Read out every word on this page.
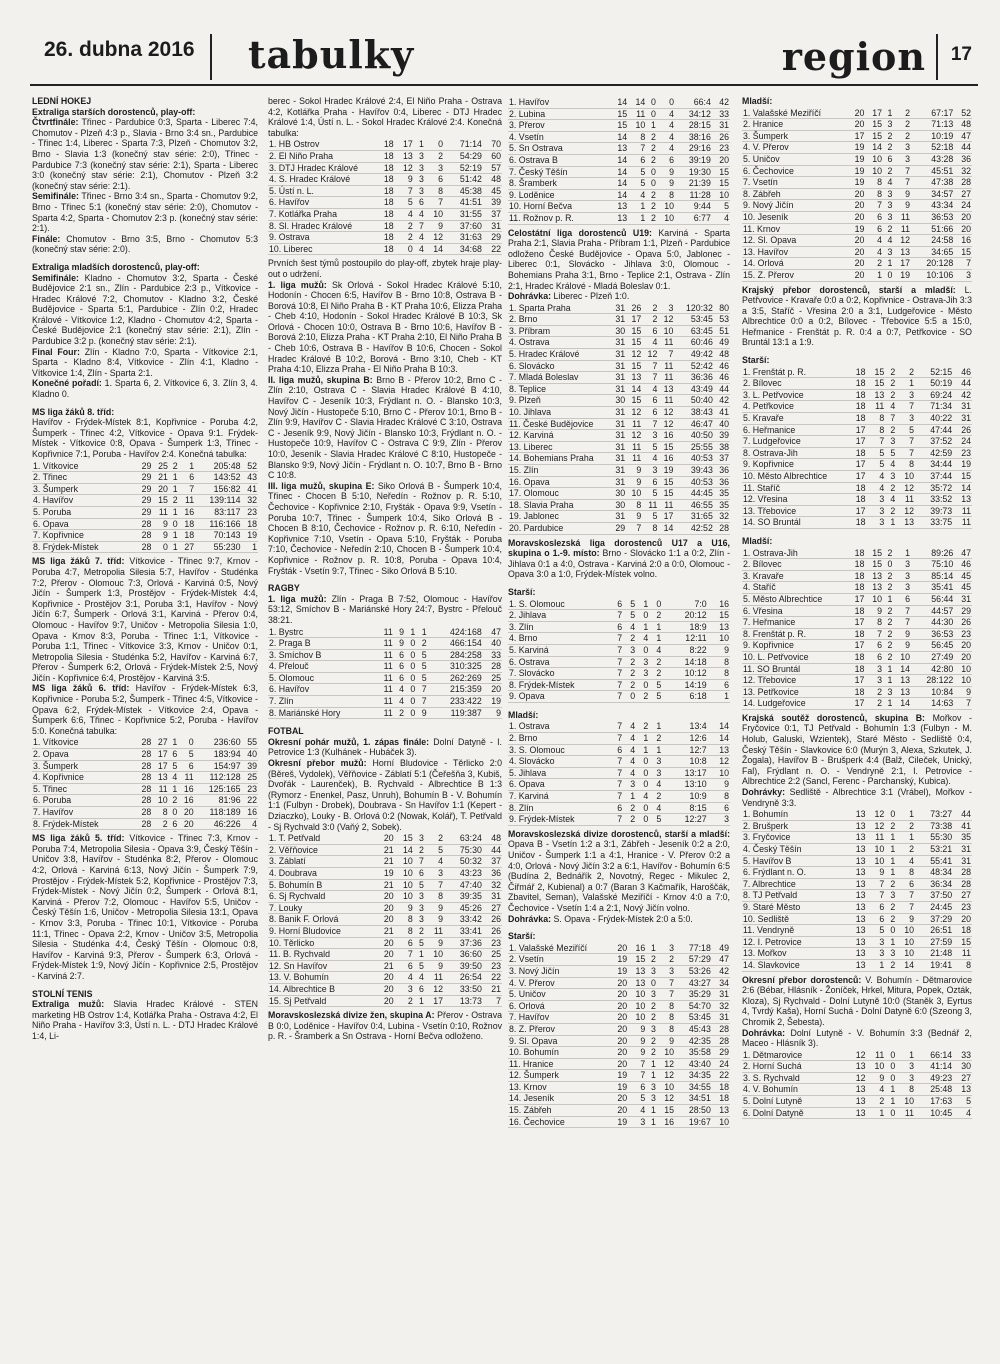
26. dubna 2016 tabulky	region 17
LEDNÍ HOKEJ
Extraliga starších dorostenců, play-off:
Čtvrtfinále: Třinec - Pardubice 0:3, Sparta - Liberec 7:4, Chomutov - Plzeň 4:3 p., Slavia - Brno 3:4 sn., Pardubice - Třinec 1:4, Liberec - Sparta 7:3, Plzeň - Chomutov 3:2, Brno - Slavia 1:3 (konečný stav série: 2:0), Třinec - Pardubice 7:3 (konečný stav série: 2:1), Sparta - Liberec 3:0 (konečný stav série: 2:1), Chomutov - Plzeň 3:2 (konečný stav série: 2:1).
Semifinále: Třinec - Brno 3:4 sn., Sparta - Chomutov 9:2, Brno - Třinec 5:1 (konečný stav série: 2:0), Chomutov - Sparta 4:2, Sparta - Chomutov 2:3 p. (konečný stav série: 2:1).
Finále: Chomutov - Brno 3:5, Brno - Chomutov 5:3 (konečný stav série: 2:0).
Extraliga mladších dorostenců, play-off:
Semifinále: Kladno - Chomutov 3:2, Sparta - České Budějovice 2:1 sn., Zlín - Pardubice 2:3 p., Vítkovice - Hradec Králové 7:2, Chomutov - Kladno 3:2, České Budějovice - Sparta 5:1, Pardubice - Zlín 0:2, Hradec Králové - Vítkovice 1:2, Kladno - Chomutov 4:2, Sparta - České Budějovice 2:1 (konečný stav série: 2:1), Zlín - Pardubice 3:2 p. (konečný stav série: 2:1).
Final Four: Zlín - Kladno 7:0, Sparta - Vítkovice 2:1, Sparta - Kladno 8:4, Vítkovice - Zlín 4:1, Kladno - Vítkovice 1:4, Zlín - Sparta 2:1.
Konečné pořadí: 1. Sparta 6, 2. Vítkovice 6, 3. Zlín 3, 4. Kladno 0.
MS liga žáků 8. tříd:
Havířov - Frýdek-Místek 8:1, Kopřivnice - Poruba 4:2, Šumperk - Třinec 4:2, Vítkovice - Opava 9:1. Frýdek-Místek - Vítkovice 0:8, Opava - Šumperk 1:3, Třinec - Kopřivnice 7:1, Poruba - Havířov 2:4. Konečná tabulka:
1. Vítkovice	29	25	2	1	205:48	52
2. Třinec	29	21	1	6	143:52	43
3. Šumperk	29	20	1	7	156:82	41
4. Havířov	29	15	2	11	139:114	32
5. Poruba	29	11	1	16	83:117	23
6. Opava	28	9	0	18	116:166	18
7. Kopřivnice	28	9	1	18	70:143	19
8. Frýdek-Místek	28	0	1	27	55:230	1
MS liga žáků 7. tříd: Vítkovice - Třinec 9:7, Krnov - Poruba 4:7, Metropolia Silesia 5:7, Havířov - Studénka 7:2, Přerov - Olomouc 7:3, Orlová - Karviná 0:5, Nový Jičín - Šumperk 1:3, Prostějov - Frýdek-Místek 4:4, Kopřivnice - Prostějov 3:1, Poruba 3:1, Havířov - Nový Jičín 6:7, Šumperk - Orlová 3:1, Karviná - Přerov 0:4, Olomouc - Havířov 9:7, Uničov - Metropolia Silesia 1:0, Opava - Krnov 8:3, Poruba - Třinec 1:1, Vítkovice - Poruba 1:1, Třinec - Vítkovice 3:3, Krnov - Uničov 0:1, Metropolia Silesia - Studénka 5:2, Havířov - Karviná 6:7, Přerov - Šumperk 6:2, Orlová - Frýdek-Místek 2:5, Nový Jičín - Kopřivnice 6:4, Prostějov - Karviná 3:5.
MS liga žáků 6. tříd: Havířov - Frýdek-Místek 6:3, Kopřivnice - Poruba 5:2, Šumperk - Třinec 4:5, Vítkovice - Opava 6:2, Frýdek-Místek - Vítkovice 2:4, Opava - Šumperk 6:6, Třinec - Kopřivnice 5:2, Poruba - Havířov 5:0. Konečná tabulka:
1. Vítkovice	28	27	1	0	236:60	55
2. Opava	28	17	6	5	183:94	40
3. Šumperk	28	17	5	6	154:97	39
4. Kopřivnice	28	13	4	11	112:128	25
5. Třinec	28	11	1	16	125:165	23
6. Poruba	28	10	2	16	81:96	22
7. Havířov	28	8	0	20	118:189	16
8. Frýdek-Místek	28	2	6	20	46:226	4
MS liga žáků 5. tříd: Vítkovice - Třinec 7:3, Krnov - Poruba 7:4, Metropolia Silesia - Opava 3:9, Český Těšín - Uničov 3:8, Havířov - Studénka 8:2, Přerov - Olomouc 4:2, Orlová - Karviná 6:13, Nový Jičín - Šumperk 7:9, Prostějov - Frýdek-Místek 5:2, Kopřivnice - Prostějov 7:3, Frýdek-Místek - Nový Jičín 0:2, Šumperk - Orlová 8:1, Karviná - Přerov 7:2, Olomouc - Havířov 5:5, Uničov - Český Těšín 1:6, Uničov - Metropolia Silesia 13:1, Opava - Krnov 3:3, Poruba - Třinec 10:1, Vítkovice - Poruba 11:1, Třinec - Opava 2:2, Krnov - Uničov 3:5, Metropolia Silesia - Studénka 4:4, Český Těšín - Olomouc 0:8, Havířov - Karviná 9:3, Přerov - Šumperk 6:3, Orlová - Frýdek-Místek 1:9, Nový Jičín - Kopřivnice 2:5, Prostějov - Karviná 2:7.
STOLNÍ TENIS
Extraliga mužů: Slavia Hradec Králové - STEN marketing HB Ostrov 1:4, Kotlářka Praha - Ostrava 4:2, El Niño Praha - Havířov 3:3, Ústí n. L. - DTJ Hradec Králové 1:4, Li-
berec - Sokol Hradec Králové 2:4, El Niño Praha - Ostrava 4:2, Kotlářka Praha - Havířov 0:4, Liberec - DTJ Hradec Králové 1:4, Ústí n. L. - Sokol Hradec Králové 2:4. Konečná tabulka:
1. HB Ostrov	18	17	1	0	71:14	70
2. El Niño Praha	18	13	3	2	54:29	60
3. DTJ Hradec Králové	18	12	3	3	52:19	57
4. S. Hradec Králové	18	9	3	6	51:42	48
5. Ústí n. L.	18	7	3	8	45:38	45
6. Havířov	18	5	6	7	41:51	39
7. Kotlářka Praha	18	4	4	10	31:55	37
8. Sl. Hradec Králové	18	2	7	9	37:60	31
9. Ostrava	18	2	4	12	31:63	29
10. Liberec	18	0	4	14	34:68	22
Prvních šest týmů postoupilo do play-off, zbytek hraje play-out o udržení.
1. liga mužů: Sk Orlová - Sokol Hradec Králové 5:10, Hodonín - Chocen 6:5, Havířov B - Brno 10:8, Ostrava B - Borová 10:8, El Niño Praha B - KT Praha 10:6, Elizza Praha - Cheb 4:10, Hodonín - Sokol Hradec Králové B 10:3, Sk Orlová - Chocen 10:0, Ostrava B - Brno 10:6, Havířov B - Borová 2:10, Elizza Praha - KT Praha 2:10, El Niño Praha B - Cheb 10:6, Ostrava B - Havířov B 10:6, Chocen - Sokol Hradec Králové B 10:2, Borová - Brno 3:10, Cheb - KT Praha 4:10, Elizza Praha - El Niño Praha B 10:3.
II. liga mužů, skupina B: Brno B - Přerov 10:2, Brno C - Zlín 2:10, Ostrava C - Slavia Hradec Králové B 4:10, Havířov C - Jeseník 10:3, Frýdlant n. O. - Blansko 10:3, Nový Jičín - Hustopeče 5:10, Brno C - Přerov 10:1, Brno B - Zlín 9:9, Havířov C - Slavia Hradec Králové C 3:10, Ostrava C - Jeseník 9:9, Nový Jičín - Blansko 10:3, Frýdlant n. O. - Hustopeče 10:9, Havířov C - Ostrava C 9:9, Zlín - Přerov 10:0, Jeseník - Slavia Hradec Králové C 8:10, Hustopeče - Blansko 9:9, Nový Jičín - Frýdlant n. O. 10:7, Brno B - Brno C 10:8.
III. liga mužů, skupina E: Siko Orlová B - Šumperk 10:4, Třinec - Chocen B 5:10, Neředín - Rožnov p. R. 5:10, Čechovice - Kopřivnice 2:10, Fryšták - Opava 9:9, Vsetín - Poruba 10:7, Třinec - Šumperk 10:4, Siko Orlová B - Chocen B 8:10, Čechovice - Rožnov p. R. 6:10, Neředín - Kopřivnice 7:10, Vsetín - Opava 5:10, Fryšták - Poruba 7:10, Čechovice - Neředín 2:10, Chocen B - Šumperk 10:4, Kopřivnice - Rožnov p. R. 10:8, Poruba - Opava 10:4, Fryšták - Vsetín 9:7, Třinec - Siko Orlová B 5:10.
RAGBY
1. liga mužů: Zlín - Praga B 7:52, Olomouc - Havířov 53:12, Smíchov B - Mariánské Hory 24:7, Bystrc - Přelouč 38:21.
1. Bystrc	11	9	1	1	424:168	47
2. Praga B	11	9	0	2	466:154	40
3. Smíchov B	11	6	0	5	284:258	33
4. Přelouč	11	6	0	5	310:325	28
5. Olomouc	11	6	0	5	262:269	25
6. Havířov	11	4	0	7	215:359	20
7. Zlín	11	4	0	7	233:422	19
8. Mariánské Hory	11	2	0	9	119:387	9
FOTBAL
Okresní pohár mužů, 1. zápas finále: Dolní Datyně - I. Petrovice 1:3 (Kulhánek - Hubáček 3).
Okresní přebor mužů: Horní Bludovice - Těrlicko 2:0 (Běreš, Vydolek), Věřňovice - Záblatí 5:1 (Čeřešňa 3, Kubiš, Dvořák - Laurenček), B. Rychvald - Albrechtice B 1:3 (Rymorz - Enenkel, Pasz, Unruh), Bohumín B - V. Bohumín 1:1 (Fulbyn - Drobek), Doubrava - Sn Havířov 1:1 (Kepert - Dziaczko), Louky - B. Orlová 0:2 (Nowak, Kolář), T. Petřvald - Sj Rychvald 3:0 (Vaňý 2, Sobek).
1. T. Petřvald	20	15	3	2	63:24	48
2. Věřňovice	21	14	2	5	75:30	44
3. Záblatí	21	10	7	4	50:32	37
4. Doubrava	19	10	6	3	43:23	36
5. Bohumín B	21	10	5	7	47:40	32
6. Sj Rychvald	20	10	3	8	39:35	31
7. Louky	20	9	3	9	45:26	27
8. Banik F. Orlová	20	8	3	9	33:42	26
9. Horní Bludovice	21	8	2	11	33:41	26
10. Těrlicko	20	6	5	9	37:36	23
11. B. Rychvald	20	7	1	10	36:60	25
12. Sn Havířov	21	6	5	9	39:50	23
13. V. Bohumín	20	4	4	11	26:54	22
14. Albrechtice B	20	3	6	12	33:50	21
15. Sj Petřvald	20	2	1	17	13:73	7
Moravskoslezská divize žen, skupina A: Přerov - Ostrava B 0:0, Loděnice - Havířov 0:4, Lubina - Vsetín 0:10, Rožnov p. R. - Šramberk a Sn Ostrava - Horní Bečva odloženo.
1. Havířov	14	14	0	0	66:4	42
2. Lubina	15	11	0	4	34:12	33
3. Přerov	15	10	1	4	28:15	31
4. Vsetín	14	8	2	4	38:16	26
5. Sn Ostrava	13	7	2	4	29:16	23
6. Ostrava B	14	6	2	6	39:19	20
7. Český Těšín	14	5	0	9	19:30	15
8. Šramberk	14	5	0	9	21:39	15
9. Loděnice	14	4	2	8	11:28	10
10. Horní Bečva	13	1	2	10	9:44	5
11. Rožnov p. R.	13	1	2	10	6:77	4
Celostátní liga dorostenců U19: Karviná - Sparta Praha 2:1, Slavia Praha - Příbram 1:1, Plzeň - Pardubice odloženo České Budějovice - Opava 5:0, Jablonec - Liberec 0:1, Slovácko - Jihlava 3:0, Olomouc - Bohemians Praha 3:1, Brno - Teplice 2:1, Ostrava - Zlín 2:1, Hradec Králové - Mladá Boleslav 0:1.
Dohrávka: Liberec - Plzeň 1:0.
1. Sparta Praha	31	26	2	3	120:32	80
2. Brno	31	17	2	12	53:45	53
3. Příbram	30	15	6	10	63:45	51
4. Ostrava	31	15	4	11	60:46	49
5. Hradec Králové	31	12	12	7	49:42	48
6. Slovácko	31	15	7	11	52:42	46
7. Mladá Boleslav	31	13	7	11	36:36	46
8. Teplice	31	14	4	13	43:49	44
9. Plzeň	30	15	6	11	50:40	42
10. Jihlava	31	12	6	12	38:43	41
11. České Budějovice	31	11	7	12	46:47	40
12. Karviná	31	12	3	16	40:50	39
13. Liberec	31	11	5	15	25:55	38
14. Bohemians Praha	31	11	4	16	40:53	37
15. Zlín	31	9	3	19	39:43	36
16. Opava	31	9	6	15	40:53	36
17. Olomouc	30	10	5	15	44:45	35
18. Slavia Praha	30	8	11	11	46:55	35
19. Jablonec	31	9	5	17	31:65	32
20. Pardubice	29	7	8	14	42:52	28
Moravskoslezská liga dorostenců U17 a U16, skupina o 1.-9. místo: Brno - Slovácko 1:1 a 0:2, Zlín - Jihlava 0:1 a 4:0, Ostrava - Karviná 2:0 a 0:0, Olomouc - Opava 3:0 a 1:0, Frýdek-Místek volno.
Starší:
1. S. Olomouc	6	5	1	0	7:0	16
2. Jihlava	7	5	0	2	20:12	15
3. Zlín	6	4	1	1	18:9	13
4. Brno	7	2	4	1	12:11	10
5. Karviná	7	3	0	4	8:22	9
6. Ostrava	7	2	3	2	14:18	8
7. Slovácko	7	2	3	2	10:12	8
8. Frýdek-Místek	7	2	0	5	14:19	6
9. Opava	7	0	2	5	6:18	1
Mladší:
1. Ostrava	7	4	2	1	13:4	14
2. Brno	7	4	1	2	12:6	14
3. S. Olomouc	6	4	1	1	12:7	13
4. Slovácko	7	4	0	3	10:8	12
5. Jihlava	7	4	0	3	13:17	10
6. Opava	7	3	0	4	13:10	9
7. Karviná	7	1	4	2	10:9	8
8. Zlín	6	2	0	4	8:15	6
9. Frýdek-Místek	7	2	0	5	12:27	3
Moravskoslezská divize dorostenců, starší a mladší: Opava B - Vsetín 1:2 a 3:1, Zábřeh - Jeseník 0:2 a 2:0, Uničov - Šumperk 1:1 a 4:1, Hranice - V. Přerov 0:2 a 4:0, Orlová - Nový Jičín 3:2 a 6:1, Havířov - Bohumín 6:5 (Budína 2, Bednářík 2, Novotný, Regec - Mikulec 2, Čiřmář 2, Kubienal) a 0:7 (Baran 3 Kačmařík, Haroščák, Zbavitel, Seman), Valašské Meziříčí - Krnov 4:0 a 7:0, Čechovice - Vsetín 1:4 a 2:1, Nový Jičín volno.
Dohrávka: S. Opava - Frýdek-Místek 2:0 a 5:0.
Starší:
1. Valašské Meziříčí	20	16	1	3	77:18	49
2. Vsetín	19	15	2	2	57:29	47
3. Nový Jičín	19	13	3	3	53:26	42
4. V. Přerov	20	13	0	7	43:27	34
5. Uničov	20	10	3	7	35:29	31
6. Orlová	20	10	2	8	54:70	32
7. Havířov	20	10	2	8	53:45	31
8. Z. Přerov	20	9	3	8	45:43	28
9. Sl. Opava	20	9	2	9	42:35	28
10. Bohumín	20	9	2	10	35:58	29
11. Hranice	20	7	1	12	43:40	24
12. Šumperk	19	7	1	12	34:35	22
13. Krnov	19	6	3	10	34:55	18
14. Jeseník	20	5	3	12	34:51	18
15. Zábřeh	20	4	1	15	28:50	13
16. Čechovice	19	3	1	16	19:67	10
Mladší:
1. Valašské Meziříčí	20	17	1	2	67:17	52
2. Hranice	20	15	3	2	71:13	48
3. Šumperk	17	15	2	2	10:19	47
4. V. Přerov	19	14	2	3	52:18	44
5. Uničov	19	10	6	3	43:28	36
6. Čechovice	19	10	2	7	45:51	32
7. Vsetín	19	8	4	7	47:38	28
8. Zábřeh	20	8	3	9	34:57	27
9. Nový Jičín	20	7	3	9	43:34	24
10. Jeseník	20	6	3	11	36:53	20
11. Krnov	19	6	2	11	51:66	20
12. Sl. Opava	20	4	4	12	24:58	16
13. Havířov	20	4	3	13	34:65	15
14. Orlová	20	2	1	17	20:128	7
15. Z. Přerov	20	1	0	19	10:106	3
Krajský přebor dorostenců, starší a mladší: L. Petřvovice - Kravaře 0:0 a 0:2, Kopřivnice - Ostrava-Jih 3:3 a 3:5, Staříč - Vřesina 2:0 a 3:1, Ludgeřovice - Město Albrechtice 0:0 a 0:2, Bílovec - Třebovice 5:5 a 15:0, Heřmanice - Frenštát p. R. 0:4 a 0:7, Petřkovice - SO Bruntál 13:1 a 1:9.
Starší:
1. Frenštát p. R.	18	15	2	2	52:15	46
2. Bílovec	18	15	2	1	50:19	44
3. L. Petřvovice	18	13	2	3	69:24	42
4. Petřkovice	18	11	4	7	71:34	31
5. Kravaře	18	8	7	3	40:22	31
6. Heřmanice	17	8	2	5	47:44	26
7. Ludgeřovice	17	7	3	7	37:52	24
8. Ostrava-Jih	18	5	5	7	42:59	23
9. Kopřivnice	17	5	4	8	34:44	19
10. Město Albrechtice	17	4	3	10	37:44	15
11. Staříč	18	4	2	12	35:72	14
12. Vřesina	18	3	4	11	33:52	13
13. Třebovice	17	3	2	12	39:73	11
14. SO Bruntál	18	3	1	13	33:75	11
Mladší:
1. Ostrava-Jih	18	15	2	1	89:26	47
2. Bílovec	18	15	0	3	75:10	46
3. Kravaře	18	13	2	3	85:14	45
4. Staříč	18	13	2	3	35:41	45
5. Město Albrechtice	17	10	1	6	56:44	31
6. Vřesina	18	9	2	7	44:57	29
7. Heřmanice	17	8	2	7	44:30	26
8. Frenštát p. R.	18	7	2	9	36:53	23
9. Kopřivnice	17	6	2	9	56:45	20
10. L. Petřvovice	18	6	2	10	27:49	20
11. SO Bruntál	18	3	1	14	42:80	10
12. Třebovice	17	3	1	13	28:122	10
13. Petřkovice	18	2	3	13	10:84	9
14. Ludgeřovice	17	2	1	14	14:63	7
Krajská soutěž dorostenců, skupina B: Mořkov - Fryčovice 0:1, TJ Petřvald - Bohumín 1:3 (Fulbyn - M. Holub, Galuski, Wzientek), Staré Město - Sedliště 0:4, Český Těšín - Slavkovice 6:0 (Murýn 3, Alexa, Szkutek, J. Žogala), Havířov B - Brušperk 4:4 (Balž, Cileček, Unický, Fal), Frýdlant n. O. - Vendryně 2:1, I. Petrovice - Albrechtice 2:2 (Sancl, Ferenc - Parchanský, Kubica).
Dohrávky: Sedliště - Albrechtice 3:1 (Vrábel), Mořkov - Vendryně 3:3.
1. Bohumín	13	12	0	1	73:27	44
2. Brušperk	13	12	2	2	73:38	41
3. Fryčovice	13	11	1	1	55:30	35
4. Český Těšín	13	10	1	2	53:21	31
5. Havířov B	13	10	1	4	55:41	31
6. Frýdlant n. O.	13	9	1	8	48:34	28
7. Albrechtice	13	7	2	6	36:34	28
8. TJ Petřvald	13	7	3	7	37:50	27
9. Staré Město	13	6	2	7	24:45	23
10. Sedliště	13	6	2	9	37:29	20
11. Vendryně	13	5	0	10	26:51	18
12. I. Petrovice	13	3	1	10	27:59	15
13. Mořkov	13	3	3	10	21:48	11
14. Slavkovice	13	1	2	14	19:41	8
Okresní přebor dorostenců: V. Bohumín - Dětmarovice 2:6 (Bébar, Hlásník - Žoníček, Hrkel, Mitura, Popek, Ozták, Kloza), Sj Rychvald - Dolní Lutyně 10:0 (Staněk 3, Eyrtus 4, Tvrdý Kaša), Horní Suchá - Dolní Datyně 6:0 (Szeong 3, Chromik 2, Šebesta).
Dohrávka: Dolní Lutyně - V. Bohumín 3:3 (Bednář 2, Maceo - Hlásník 3).
1. Dětmarovice	12	11	0	1	66:14	33
2. Horní Suchá	13	10	0	3	41:14	30
3. S. Rychvald	12	9	0	3	49:23	27
4. V. Bohumín	13	4	1	8	25:48	13
5. Dolní Lutyně	13	2	1	10	17:63	5
6. Dolní Datyně	13	1	0	11	10:45	4
